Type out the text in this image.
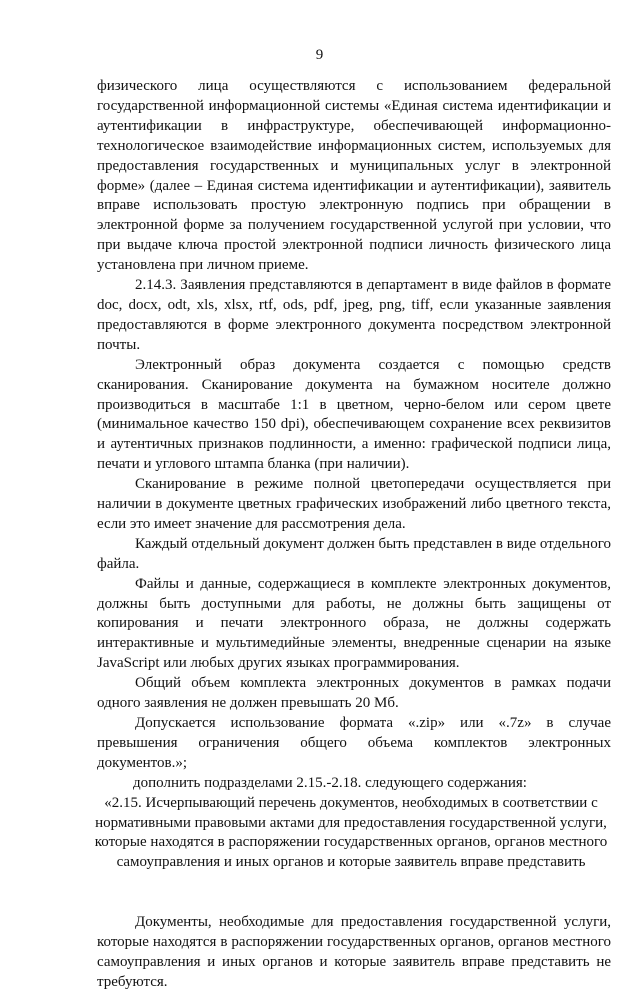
9

физического лица осуществляются с использованием федеральной государственной информационной системы «Единая система идентификации и аутентификации в инфраструктуре, обеспечивающей информационно-технологическое взаимодействие информационных систем, используемых для предоставления государственных и муниципальных услуг в электронной форме» (далее – Единая система идентификации и аутентификации), заявитель вправе использовать простую электронную подпись при обращении в электронной форме за получением государственной услугой при условии, что при выдаче ключа простой электронной подписи личность физического лица установлена при личном приеме.

2.14.3. Заявления представляются в департамент в виде файлов в формате doc, docx, odt, xls, xlsx, rtf, ods, pdf, jpeg, png, tiff, если указанные заявления предоставляются в форме электронного документа посредством электронной почты.

Электронный образ документа создается с помощью средств сканирования. Сканирование документа на бумажном носителе должно производиться в масштабе 1:1 в цветном, черно-белом или сером цвете (минимальное качество 150 dpi), обеспечивающем сохранение всех реквизитов и аутентичных признаков подлинности, а именно: графической подписи лица, печати и углового штампа бланка (при наличии).

Сканирование в режиме полной цветопередачи осуществляется при наличии в документе цветных графических изображений либо цветного текста, если это имеет значение для рассмотрения дела.

Каждый отдельный документ должен быть представлен в виде отдельного файла.

Файлы и данные, содержащиеся в комплекте электронных документов, должны быть доступными для работы, не должны быть защищены от копирования и печати электронного образа, не должны содержать интерактивные и мультимедийные элементы, внедренные сценарии на языке JavaScript или любых других языках программирования.

Общий объем комплекта электронных документов в рамках подачи одного заявления не должен превышать 20 Мб.

Допускается использование формата «.zip» или «.7z» в случае превышения ограничения общего объема комплектов электронных документов.»;

дополнить подразделами 2.15.-2.18. следующего содержания:

«2.15. Исчерпывающий перечень документов, необходимых в соответствии с нормативными правовыми актами для предоставления государственной услуги, которые находятся в распоряжении государственных органов, органов местного самоуправления и иных органов и которые заявитель вправе представить

Документы, необходимые для предоставления государственной услуги, которые находятся в распоряжении государственных органов, органов местного самоуправления и иных органов и которые заявитель вправе представить не требуются.
